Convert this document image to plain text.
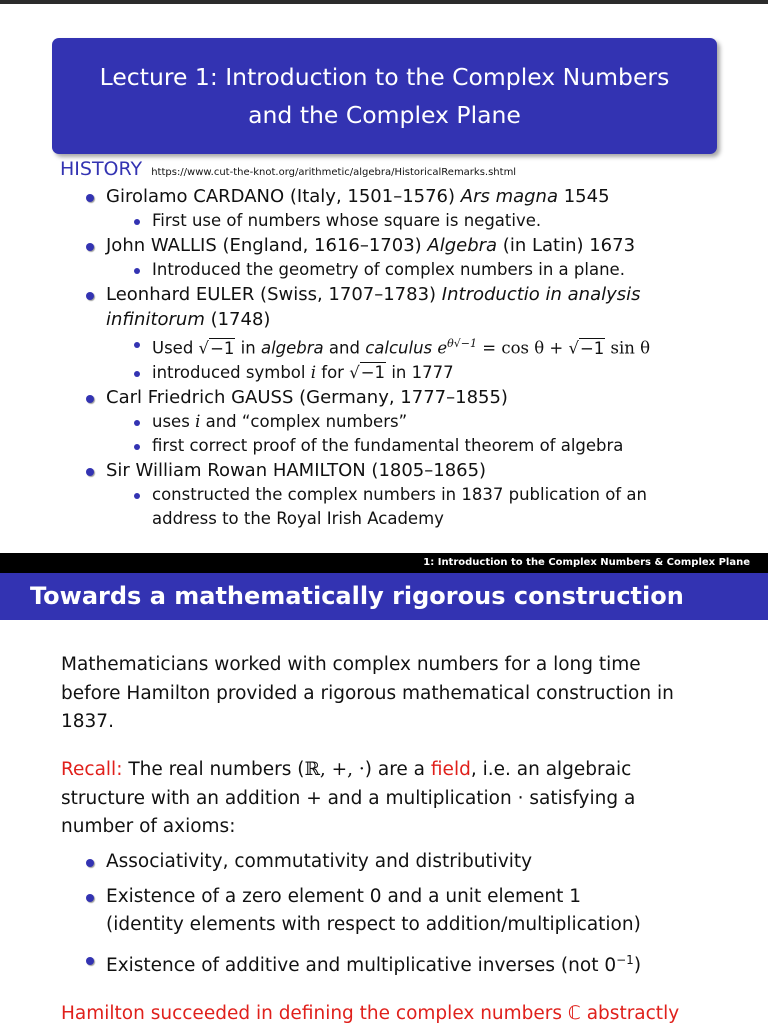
Lecture 1: Introduction to the Complex Numbers
and the Complex Plane
HISTORY https://www.cut-the-knot.org/arithmetic/algebra/HistoricalRemarks.shtml
Girolamo CARDANO (Italy, 1501–1576) Ars magna 1545
First use of numbers whose square is negative.
John WALLIS (England, 1616–1703) Algebra (in Latin) 1673
Introduced the geometry of complex numbers in a plane.
Leonhard EULER (Swiss, 1707–1783) Introductio in analysis
infinitorum (1748)
Used √−1 in algebra and calculus $e^{\theta√-1} = \cos \theta + √-1$ sin θ
introduced symbol i for √−1 in 1777
Carl Friedrich GAUSS (Germany, 1777–1855)
uses i and “complex numbers”
first correct proof of the fundamental theorem of algebra
Sir William Rowan HAMILTON (1805–1865)
constructed the complex numbers in 1837 publication of an
address to the Royal Irish Academy
1: Introduction to the Complex Numbers & Complex Plane
Towards a mathematically rigorous construction
Mathematicians worked with complex numbers for a long time
before Hamilton provided a rigorous mathematical construction in
1837.
Recall: The real numbers (ℝ, +, ·) are a field, i.e. an algebraic
structure with an addition + and a multiplication · satisfying a
number of axioms:
Associativity, commutativity and distributivity
Existence of a zero element 0 and a unit element 1
(identity elements with respect to addition/multiplication)
Existence of additive and multiplicative inverses (not $0^{-1}$)
Hamilton succeeded in defining the complex numbers ℂ abstractly
